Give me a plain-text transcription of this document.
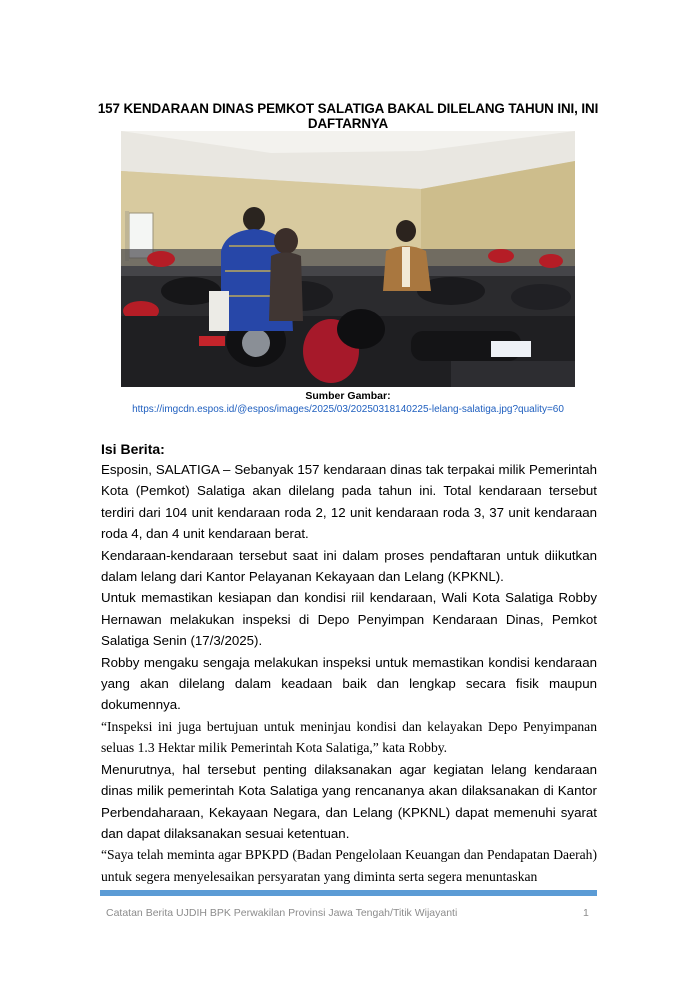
157 KENDARAAN DINAS PEMKOT SALATIGA BAKAL DILELANG TAHUN INI, INI DAFTARNYA
Sumber Gambar:
https://imgcdn.espos.id/@espos/images/2025/03/20250318140225-lelang-salatiga.jpg?quality=60
Isi Berita:

Esposin, SALATIGA – Sebanyak 157 kendaraan dinas tak terpakai milik Pemerintah Kota (Pemkot) Salatiga akan dilelang pada tahun ini. Total kendaraan tersebut terdiri dari 104 unit kendaraan roda 2, 12 unit kendaraan roda 3, 37 unit kendaraan roda 4, dan 4 unit kendaraan berat.

Kendaraan-kendaraan tersebut saat ini dalam proses pendaftaran untuk diikutkan dalam lelang dari Kantor Pelayanan Kekayaan dan Lelang (KPKNL).

Untuk memastikan kesiapan dan kondisi riil kendaraan, Wali Kota Salatiga Robby Hernawan melakukan inspeksi di Depo Penyimpan Kendaraan Dinas, Pemkot Salatiga Senin (17/3/2025).

Robby mengaku sengaja melakukan inspeksi untuk memastikan kondisi kendaraan yang akan dilelang dalam keadaan baik dan lengkap secara fisik maupun dokumennya.

“Inspeksi ini juga bertujuan untuk meninjau kondisi dan kelayakan Depo Penyimpanan seluas 1.3 Hektar milik Pemerintah Kota Salatiga,” kata Robby.

Menurutnya, hal tersebut penting dilaksanakan agar kegiatan lelang kendaraan dinas milik pemerintah Kota Salatiga yang rencananya akan dilaksanakan di Kantor Perbendaharaan, Kekayaan Negara, dan Lelang (KPKNL) dapat memenuhi syarat dan dapat dilaksanakan sesuai ketentuan.

“Saya telah meminta agar BPKPD (Badan Pengelolaan Keuangan dan Pendapatan Daerah) untuk segera menyelesaikan persyaratan yang diminta serta segera menuntaskan

Catatan Berita UJDIH BPK Perwakilan Provinsi Jawa Tengah/Titik Wijayanti	1
